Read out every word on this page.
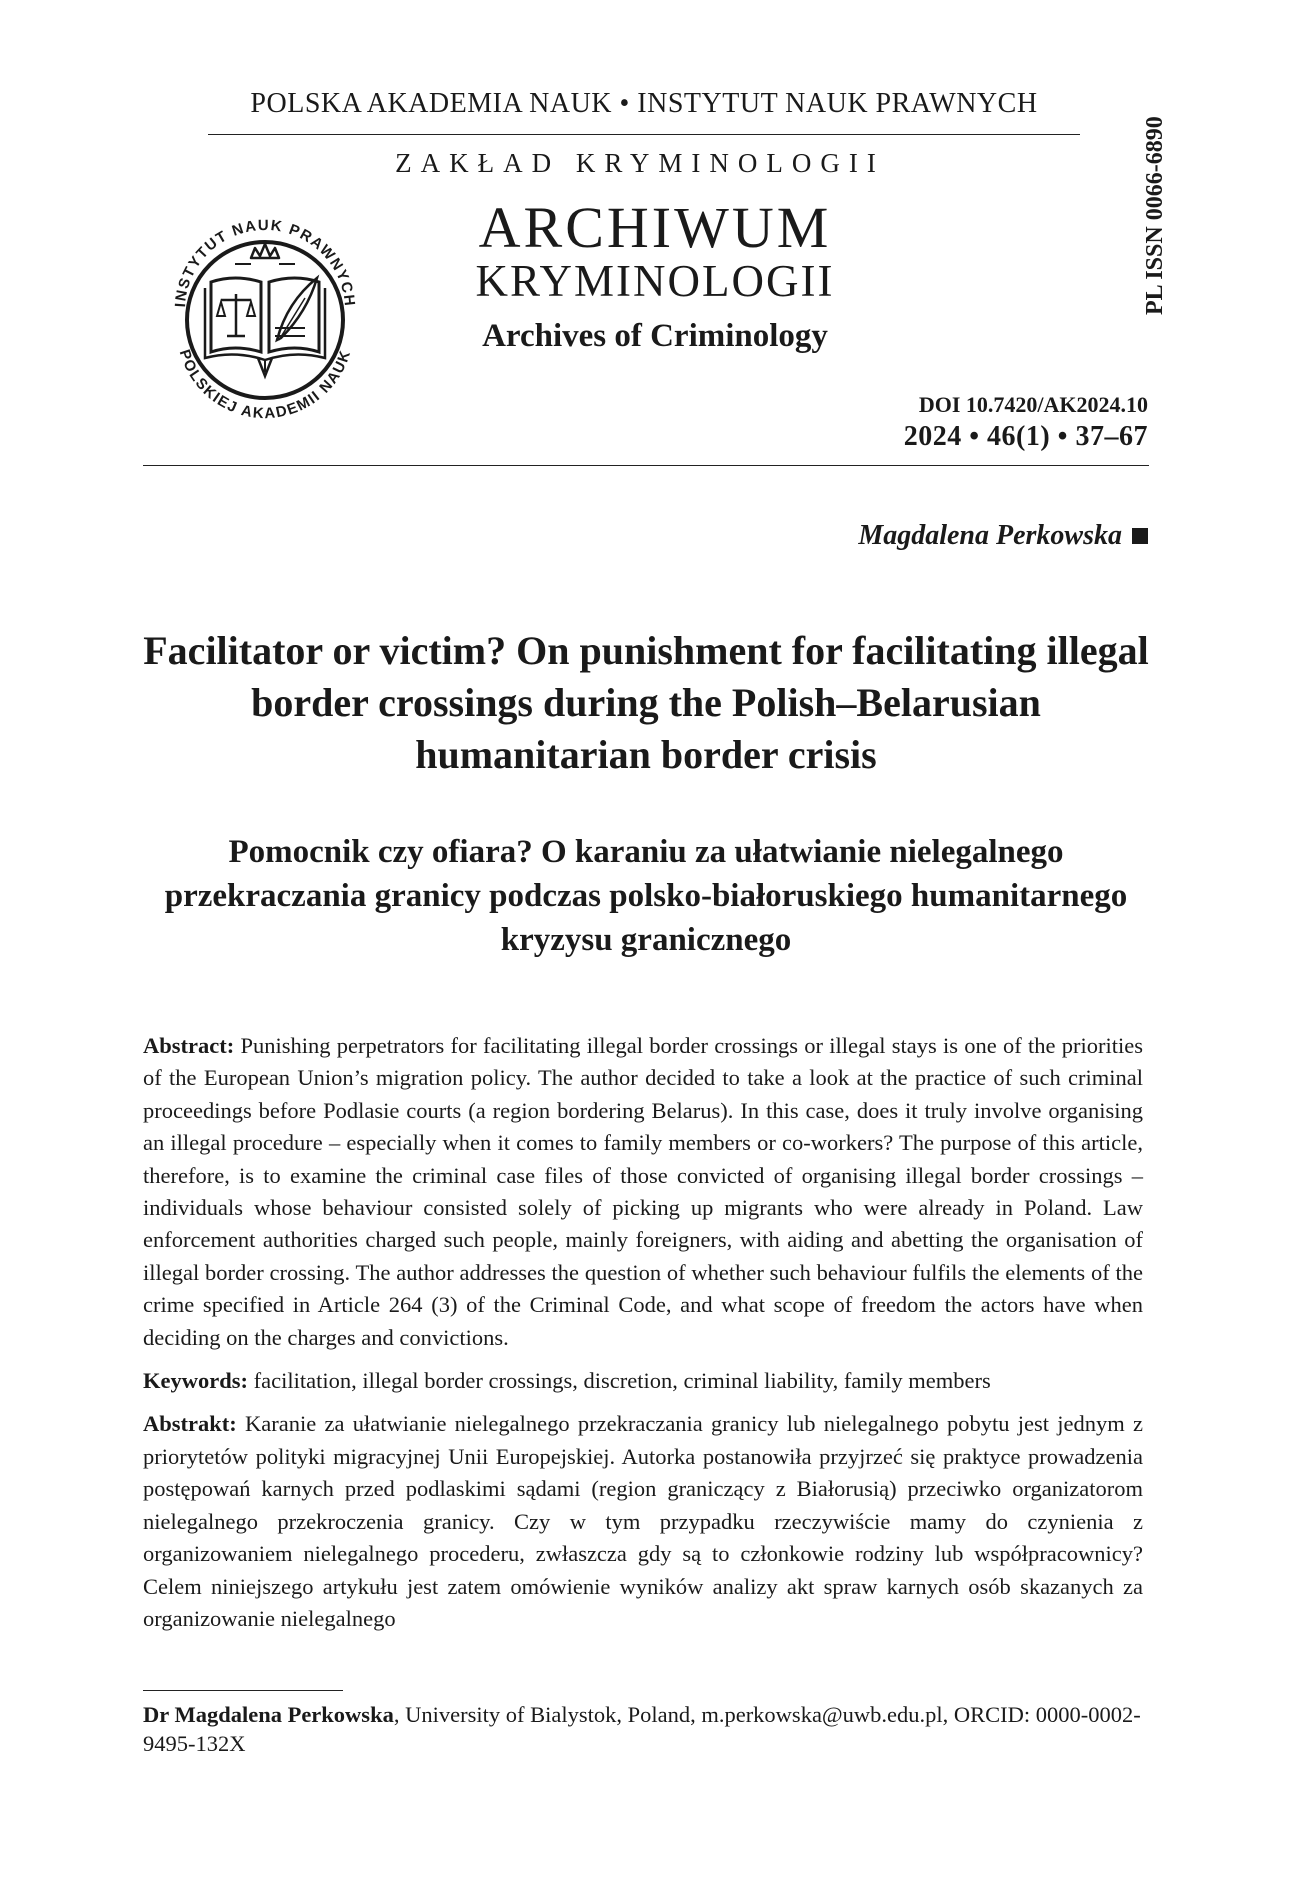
POLSKA AKADEMIA NAUK • INSTYTUT NAUK PRAWNYCH
ZAKŁAD KRYMINOLOGII
INSTYTUT NAUK PRAWNYCH
POLSKIEJ AKADEMII NAUK
ARCHIWUM
KRYMINOLOGII
Archives of Criminology
PL ISSN 0066-6890
DOI 10.7420/AK2024.10
2024 • 46(1) • 37–67
Magdalena Perkowska
Facilitator or victim? On punishment for facilitating illegal border crossings during the Polish–Belarusian humanitarian border crisis
Pomocnik czy ofiara? O karaniu za ułatwianie nielegalnego przekraczania granicy podczas polsko-białoruskiego humanitarnego kryzysu granicznego

Abstract: Punishing perpetrators for facilitating illegal border crossings or illegal stays is one of the priorities of the European Union’s migration policy. The author decided to take a look at the practice of such criminal proceedings before Podlasie courts (a region bordering Belarus). In this case, does it truly involve organising an illegal procedure – especially when it comes to family members or co-workers? The purpose of this article, therefore, is to examine the criminal case files of those convicted of organising illegal border crossings – individuals whose behaviour consisted solely of picking up migrants who were already in Poland. Law enforcement authorities charged such people, mainly foreigners, with aiding and abetting the organisation of illegal border crossing. The author addresses the question of whether such behaviour fulfils the elements of the crime specified in Article 264 (3) of the Criminal Code, and what scope of freedom the actors have when deciding on the charges and convictions.

Keywords: facilitation, illegal border crossings, discretion, criminal liability, family members

Abstrakt: Karanie za ułatwianie nielegalnego przekraczania granicy lub nielegalnego pobytu jest jednym z priorytetów polityki migracyjnej Unii Europejskiej. Autorka postanowiła przyjrzeć się praktyce prowadzenia postępowań karnych przed podlaskimi sądami (region graniczący z Białorusią) przeciwko organizatorom nielegalnego przekroczenia granicy. Czy w tym przypadku rzeczywiście mamy do czynienia z organizowaniem nielegalnego procederu, zwłaszcza gdy są to członkowie rodziny lub współpracownicy? Celem niniejszego artykułu jest zatem omówienie wyników analizy akt spraw karnych osób skazanych za organizowanie nielegalnego

Dr Magdalena Perkowska, University of Bialystok, Poland, m.perkowska@uwb.edu.pl, ORCID: 0000-0002-9495-132X
